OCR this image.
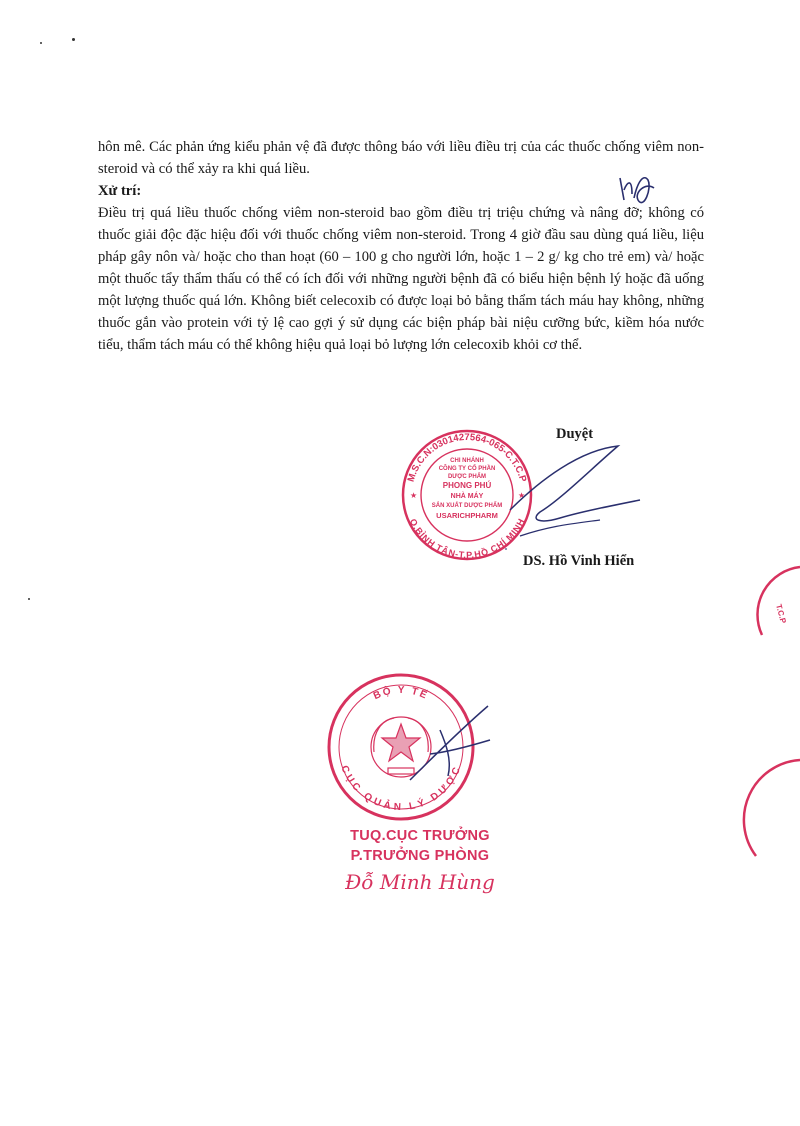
hôn mê. Các phản ứng kiểu phản vệ đã được thông báo với liều điều trị của các thuốc chống viêm non-steroid và có thể xảy ra khi quá liều.

Xử trí:

Điều trị quá liều thuốc chống viêm non-steroid bao gồm điều trị triệu chứng và nâng đỡ; không có thuốc giải độc đặc hiệu đối với thuốc chống viêm non-steroid. Trong 4 giờ đầu sau dùng quá liều, liệu pháp gây nôn và/ hoặc cho than hoạt (60 – 100 g cho người lớn, hoặc 1 – 2 g/ kg cho trẻ em) và/ hoặc một thuốc tẩy thẩm thấu có thể có ích đối với những người bệnh đã có biểu hiện bệnh lý hoặc đã uống một lượng thuốc quá lớn. Không biết celecoxib có được loại bỏ bằng thẩm tách máu hay không, những thuốc gắn vào protein với tỷ lệ cao gợi ý sử dụng các biện pháp bài niệu cưỡng bức, kiềm hóa nước tiểu, thẩm tách máu có thể không hiệu quả loại bỏ lượng lớn celecoxib khỏi cơ thể.

Duyệt
M.S.C.N:0301427564-065-C.T.C.P
Q.BÌNH TÂN-T.P.HỒ CHÍ MINH
CHI NHÁNH
CÔNG TY CỔ PHẦN
DƯỢC PHẨM
PHONG PHÚ
NHÀ MÁY
SẢN XUẤT DƯỢC PHẨM
USARICHPHARM
★	★
DS. Hồ Vinh Hiển
T.C.P
BỘ Y TẾ
CỤC QUẢN LÝ DƯỢC
TUQ.CỤC TRƯỞNG
P.TRƯỞNG PHÒNG
Đỗ Minh Hùng
